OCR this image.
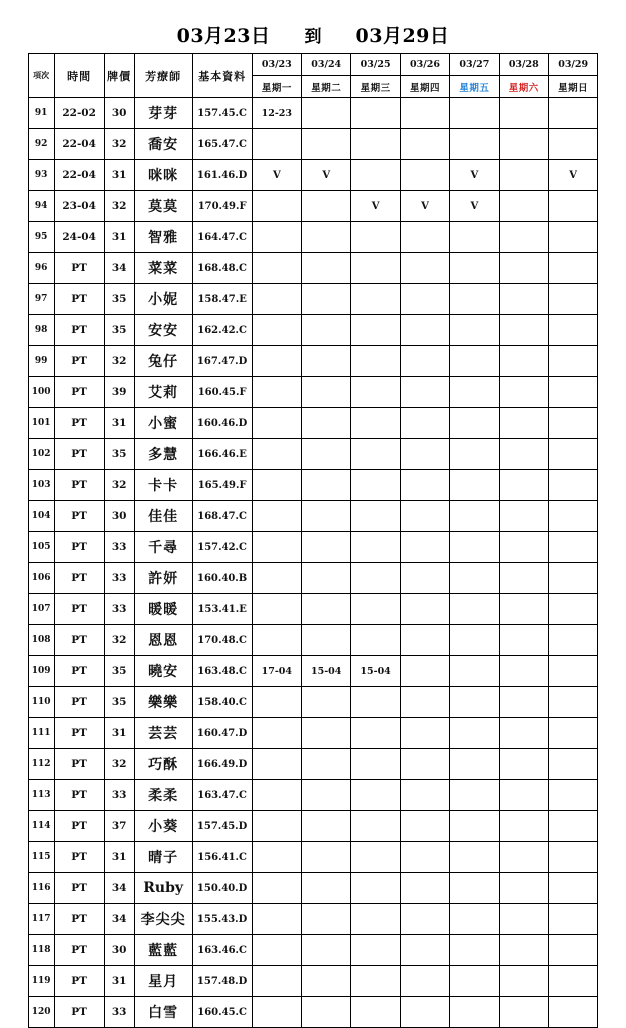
03月23日 到 03月29日
項次	時間	牌價	芳療師	基本資料	03/23	03/24	03/25	03/26	03/27	03/28	03/29
					星期一	星期二	星期三	星期四	星期五	星期六	星期日
91	22-02	30	芽芽	157.45.C	12-23						
92	22-04	32	喬安	165.47.C							
93	22-04	31	咪咪	161.46.D	V	V			V		V
94	23-04	32	莫莫	170.49.F			V	V	V		
95	24-04	31	智雅	164.47.C							
96	PT	34	菜菜	168.48.C							
97	PT	35	小妮	158.47.E							
98	PT	35	安安	162.42.C							
99	PT	32	兔仔	167.47.D							
100	PT	39	艾莉	160.45.F							
101	PT	31	小蜜	160.46.D							
102	PT	35	多慧	166.46.E							
103	PT	32	卡卡	165.49.F							
104	PT	30	佳佳	168.47.C							
105	PT	33	千尋	157.42.C							
106	PT	33	許妍	160.40.B							
107	PT	33	暖暖	153.41.E							
108	PT	32	恩恩	170.48.C							
109	PT	35	曉安	163.48.C	17-04	15-04	15-04				
110	PT	35	樂樂	158.40.C							
111	PT	31	芸芸	160.47.D							
112	PT	32	巧酥	166.49.D							
113	PT	33	柔柔	163.47.C							
114	PT	37	小葵	157.45.D							
115	PT	31	晴子	156.41.C							
116	PT	34	Ruby	150.40.D							
117	PT	34	李尖尖	155.43.D							
118	PT	30	藍藍	163.46.C							
119	PT	31	星月	157.48.D							
120	PT	33	白雪	160.45.C							
